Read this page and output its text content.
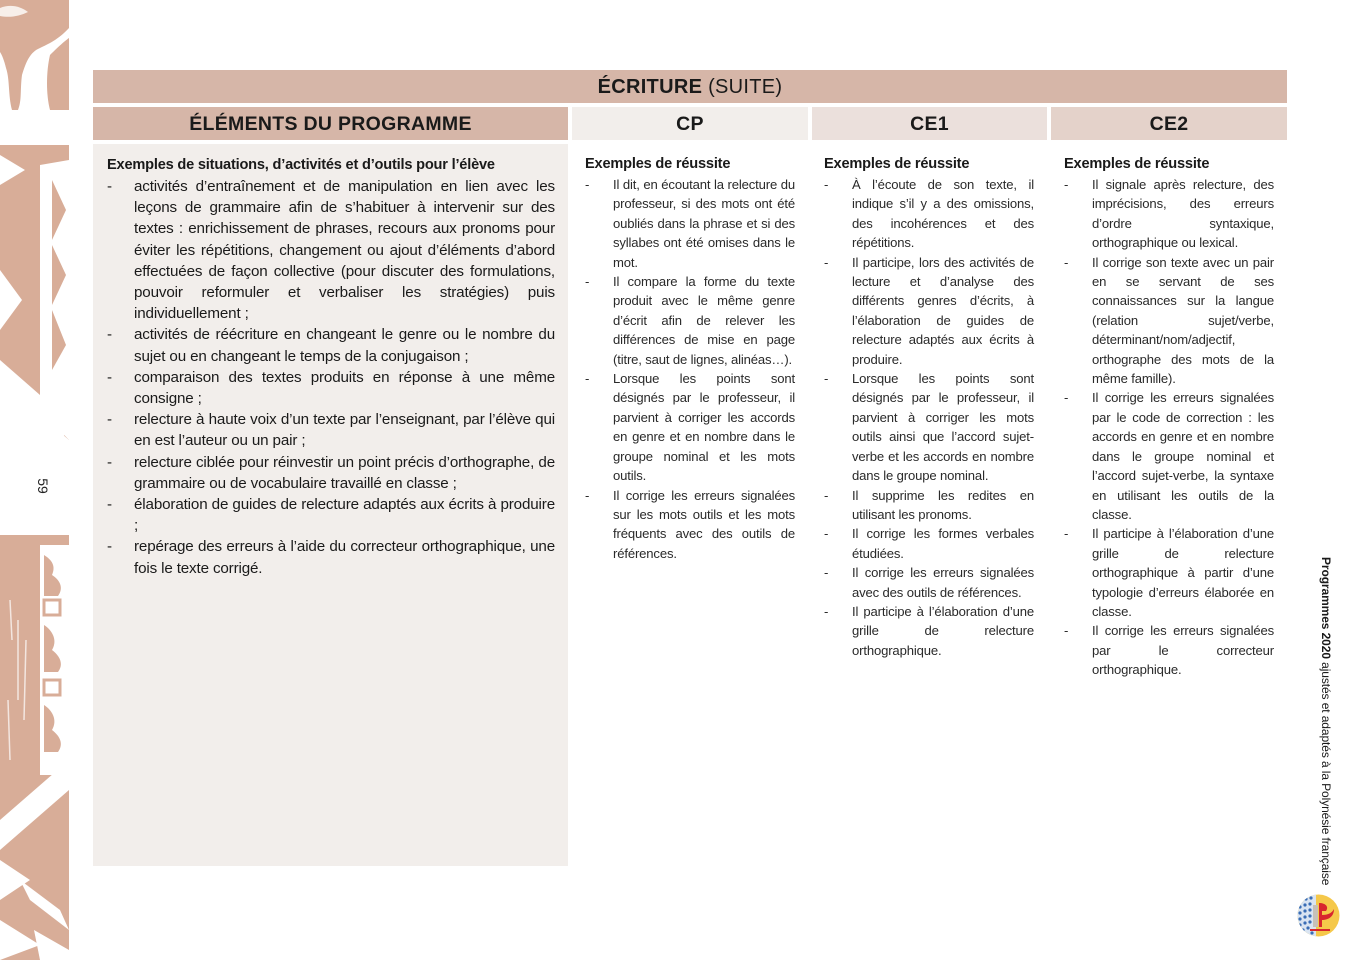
59
ÉCRITURE (SUITE)
ÉLÉMENTS DU PROGRAMME	CP	CE1	CE2
Exemples de situations, d’activités et d’outils pour l’élève
- activités d’entraînement et de manipulation en lien avec les leçons de grammaire afin de s’habituer à intervenir sur des textes : enrichissement de phrases, recours aux pronoms pour éviter les répétitions, changement ou ajout d’éléments d’abord effectuées de façon collective (pour discuter des formulations, pouvoir reformuler et verbaliser les stratégies) puis individuellement ;
- activités de réécriture en changeant le genre ou le nombre du sujet ou en changeant le temps de la conjugaison ;
- comparaison des textes produits en réponse à une même consigne ;
- relecture à haute voix d’un texte par l’enseignant, par l’élève qui en est l’auteur ou un pair ;
- relecture ciblée pour réinvestir un point précis d’orthographe, de grammaire ou de vocabulaire travaillé en classe ;
- élaboration de guides de relecture adaptés aux écrits à produire ;
- repérage des erreurs à l’aide du correcteur orthographique, une fois le texte corrigé.
Exemples de réussite
- Il dit, en écoutant la relecture du professeur, si des mots ont été oubliés dans la phrase et si des syllabes ont été omises dans le mot.
- Il compare la forme du texte produit avec le même genre d’écrit afin de relever les différences de mise en page (titre, saut de lignes, alinéas…).
- Lorsque les points sont désignés par le professeur, il parvient à corriger les accords en genre et en nombre dans le groupe nominal et les mots outils.
- Il corrige les erreurs signalées sur les mots outils et les mots fréquents avec des outils de références.
Exemples de réussite
- À l’écoute de son texte, il indique s’il y a des omissions, des incohérences et des répétitions.
- Il participe, lors des activités de lecture et d’analyse des différents genres d’écrits, à l’élaboration de guides de relecture adaptés aux écrits à produire.
- Lorsque les points sont désignés par le professeur, il parvient à corriger les mots outils ainsi que l’accord sujet-verbe et les accords en nombre dans le groupe nominal.
- Il supprime les redites en utilisant les pronoms.
- Il corrige les formes verbales étudiées.
- Il corrige les erreurs signalées avec des outils de références.
- Il participe à l’élaboration d’une grille de relecture orthographique.
Exemples de réussite
- Il signale après relecture, des imprécisions, des erreurs d’ordre syntaxique, orthographique ou lexical.
- Il corrige son texte avec un pair en se servant de ses connaissances sur la langue (relation sujet/verbe, déterminant/nom/adjectif, orthographe des mots de la même famille).
- Il corrige les erreurs signalées par le code de correction : les accords en genre et en nombre dans le groupe nominal et l’accord sujet-verbe, la syntaxe en utilisant les outils de la classe.
- Il participe à l’élaboration d’une grille de relecture orthographique à partir d’une typologie d’erreurs élaborée en classe.
- Il corrige les erreurs signalées par le correcteur orthographique.
Programmes 2020 ajustés et adaptés à la Polynésie française
